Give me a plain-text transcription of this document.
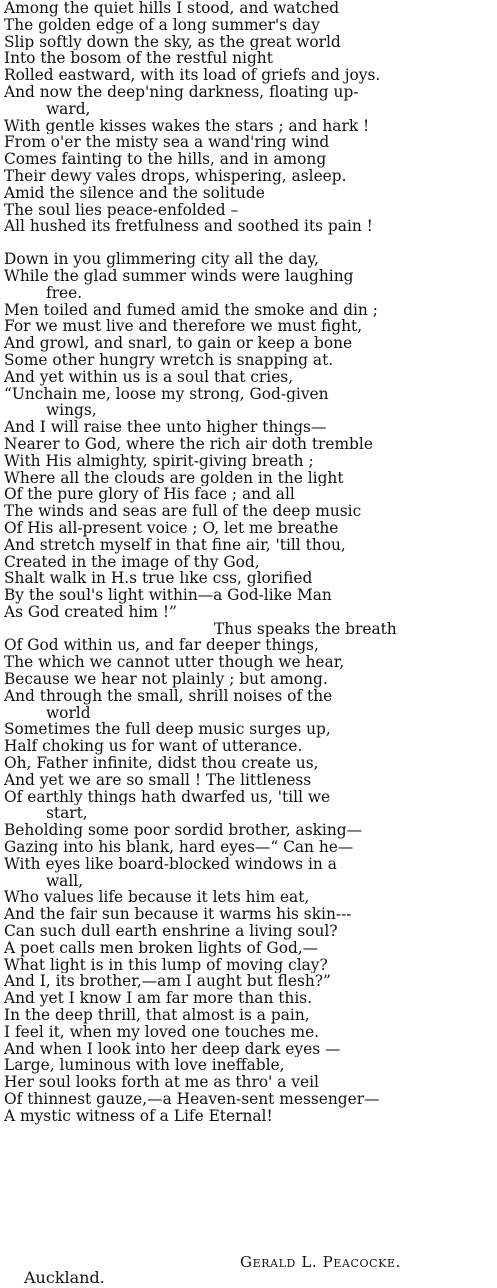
Among the quiet hills I stood, and watched
The golden edge of a long summer's day
Slip softly down the sky, as the great world
Into the bosom of the restful night
Rolled eastward, with its load of griefs and joys.
And now the deep'ning darkness, floating up-
ward,
With gentle kisses wakes the stars ; and hark !
From o'er the misty sea a wand'ring wind
Comes fainting to the hills, and in among
Their dewy vales drops, whispering, asleep.
Amid the silence and the solitude
The soul lies peace-enfolded –
All hushed its fretfulness and soothed its pain !
Down in you glimmering city all the day,
While the glad summer winds were laughing
free.
Men toiled and fumed amid the smoke and din ;
For we must live and therefore we must fight,
And growl, and snarl, to gain or keep a bone
Some other hungry wretch is snapping at.
And yet within us is a soul that cries,
“Unchain me, loose my strong, God-given
wings,
And I will raise thee unto higher things—
Nearer to God, where the rich air doth tremble
With His almighty, spirit-giving breath ;
Where all the clouds are golden in the light
Of the pure glory of His face ; and all
The winds and seas are full of the deep music
Of His all-present voice ; O, let me breathe
And stretch myself in that fine air, 'till thou,
Created in the image of thy God,
Shalt walk in H.s true lıke css, glorified
By the soul's light within—a God-like Man
As God created him !”
Thus speaks the breath
Of God within us, and far deeper things,
The which we cannot utter though we hear,
Because we hear not plainly ; but among.
And through the small, shrill noises of the
world
Sometimes the full deep music surges up,
Half choking us for want of utterance.
Oh, Father infinite, didst thou create us,
And yet we are so small ! The littleness
Of earthly things hath dwarfed us, 'till we
start,
Beholding some poor sordid brother, asking—
Gazing into his blank, hard eyes—“ Can he—
With eyes like board-blocked windows in a
wall,
Who values life because it lets him eat,
And the fair sun because it warms his skin---
Can such dull earth enshrine a living soul?
A poet calls men broken lights of God,—
What light is in this lump of moving clay?
And I, its brother,—am I aught but flesh?”
And yet I know I am far more than this.
In the deep thrill, that almost is a pain,
I feel it, when my loved one touches me.
And when I look into her deep dark eyes —
Large, luminous with love ineffable,
Her soul looks forth at me as thro' a veil
Of thinnest gauze,—a Heaven-sent messenger—
A mystic witness of a Life Eternal!
Gerald L. Peacocke.
Auckland.
